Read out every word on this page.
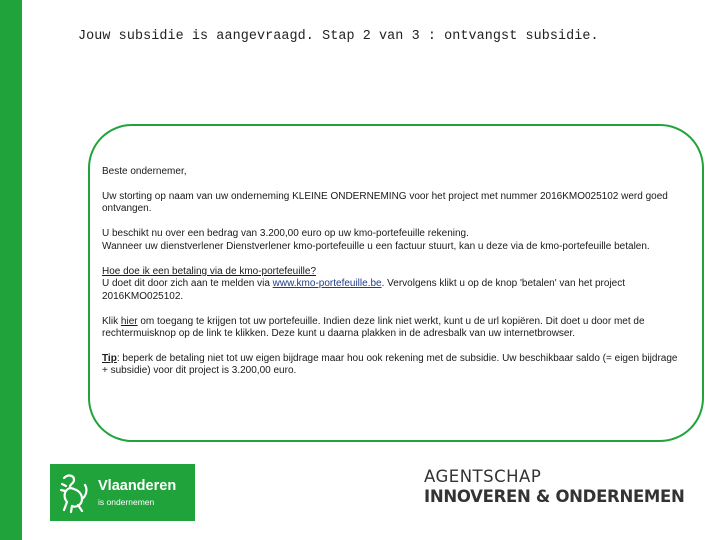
Jouw subsidie is aangevraagd. Stap 2 van 3 : ontvangst subsidie.

Beste ondernemer,

Uw storting op naam van uw onderneming KLEINE ONDERNEMING voor het project met nummer 2016KMO025102 werd goed ontvangen.

U beschikt nu over een bedrag van 3.200,00 euro op uw kmo-portefeuille rekening.
Wanneer uw dienstverlener Dienstverlener kmo-portefeuille u een factuur stuurt, kan u deze via de kmo-portefeuille betalen.

Hoe doe ik een betaling via de kmo-portefeuille?
U doet dit door zich aan te melden via www.kmo-portefeuille.be. Vervolgens klikt u op de knop 'betalen' van het project 2016KMO025102.

Klik hier om toegang te krijgen tot uw portefeuille. Indien deze link niet werkt, kunt u de url kopiëren. Dit doet u door met de rechtermuisknop op de link te klikken. Deze kunt u daarna plakken in de adresbalk van uw internetbrowser.

Tip: beperk de betaling niet tot uw eigen bijdrage maar hou ook rekening met de subsidie. Uw beschikbaar saldo (= eigen bijdrage + subsidie) voor dit project is 3.200,00 euro.

Vlaanderen
is ondernemen
AGENTSCHAP
INNOVEREN & ONDERNEMEN
